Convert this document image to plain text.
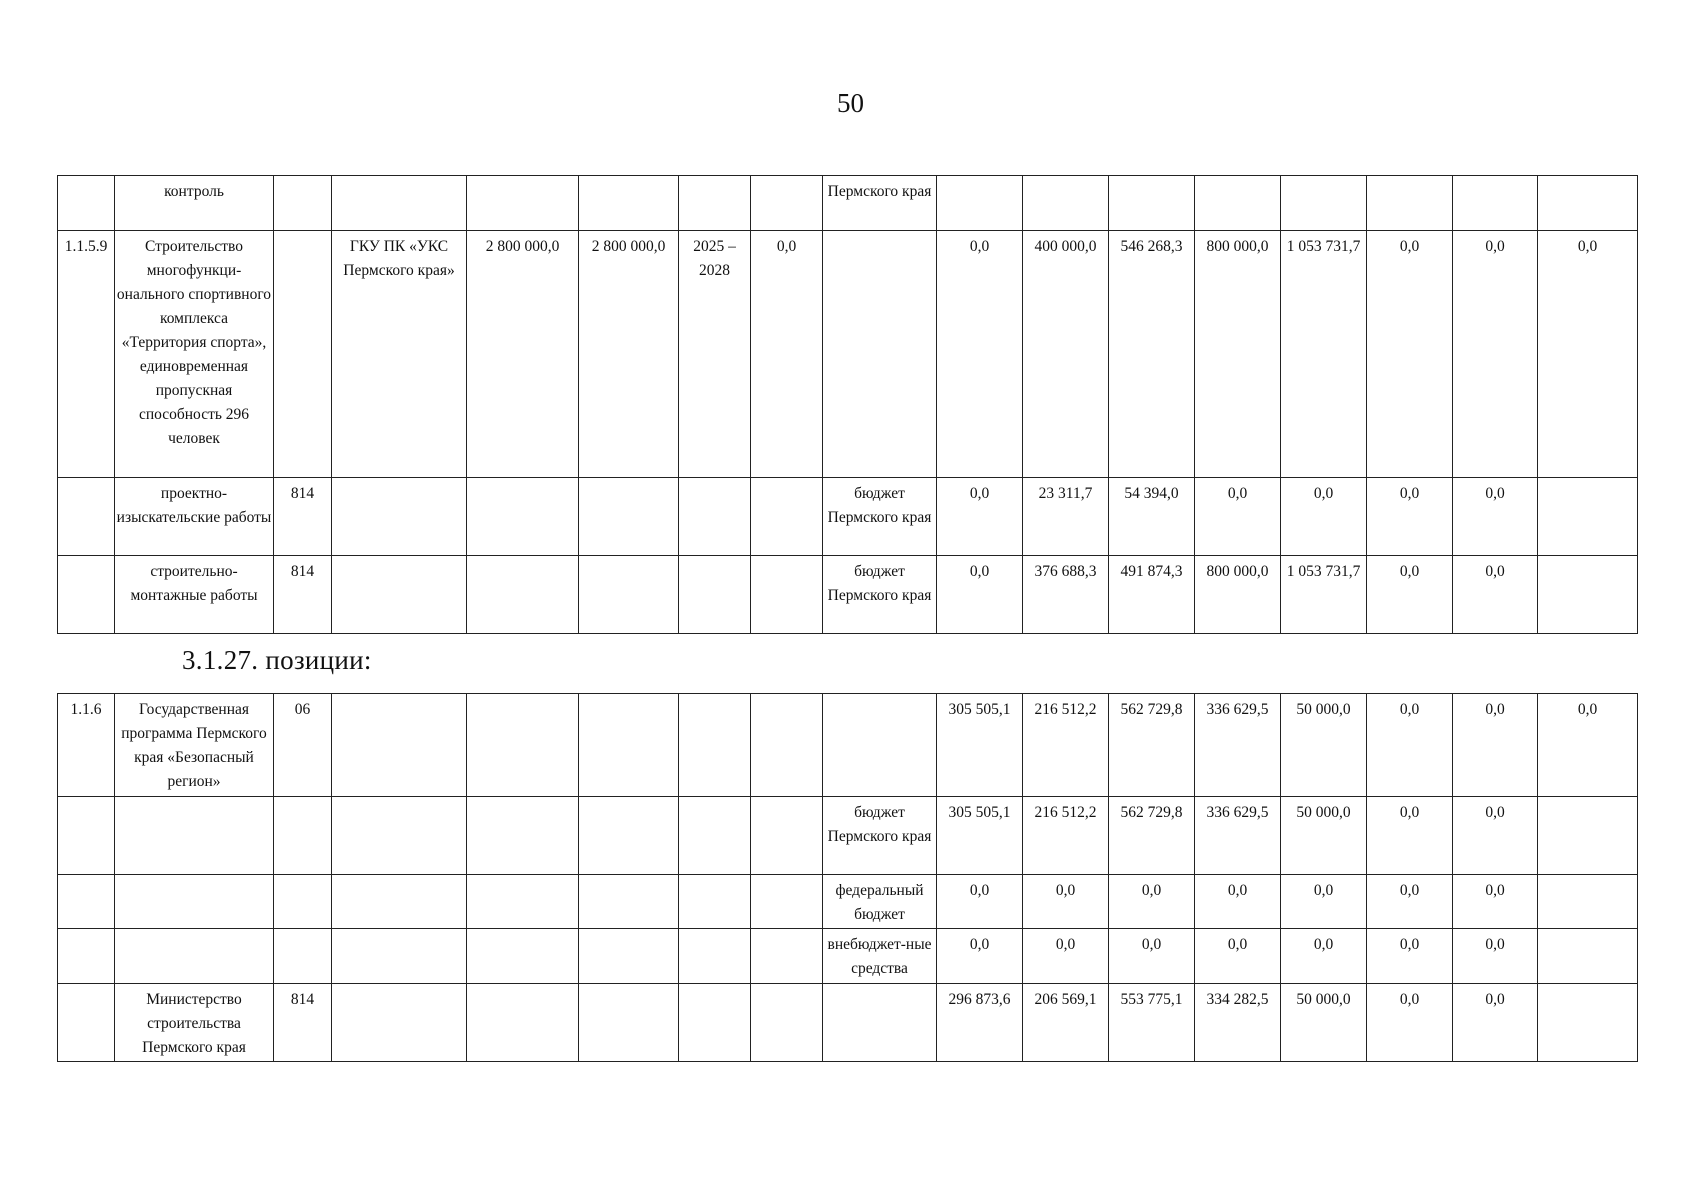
50
	контроль							Пермского края								
1.1.5.9	Строительство многофункци-онального спортивного комплекса «Территория спорта», единовременная пропускная способность 296 человек		ГКУ ПК «УКС Пермского края»	2 800 000,0	2 800 000,0	2025 – 2028	0,0		0,0	400 000,0	546 268,3	800 000,0	1 053 731,7	0,0	0,0	0,0
	проектно-изыскательские работы	814						бюджет Пермского края	0,0	23 311,7	54 394,0	0,0	0,0	0,0	0,0	
	строительно-монтажные работы	814						бюджет Пермского края	0,0	376 688,3	491 874,3	800 000,0	1 053 731,7	0,0	0,0	
3.1.27. позиции:
1.1.6	Государственная программа Пермского края «Безопасный регион»	06							305 505,1	216 512,2	562 729,8	336 629,5	50 000,0	0,0	0,0	0,0
								бюджет Пермского края	305 505,1	216 512,2	562 729,8	336 629,5	50 000,0	0,0	0,0	
								федеральный бюджет	0,0	0,0	0,0	0,0	0,0	0,0	0,0	
								внебюджет-ные средства	0,0	0,0	0,0	0,0	0,0	0,0	0,0	
	Министерство строительства Пермского края	814							296 873,6	206 569,1	553 775,1	334 282,5	50 000,0	0,0	0,0	
